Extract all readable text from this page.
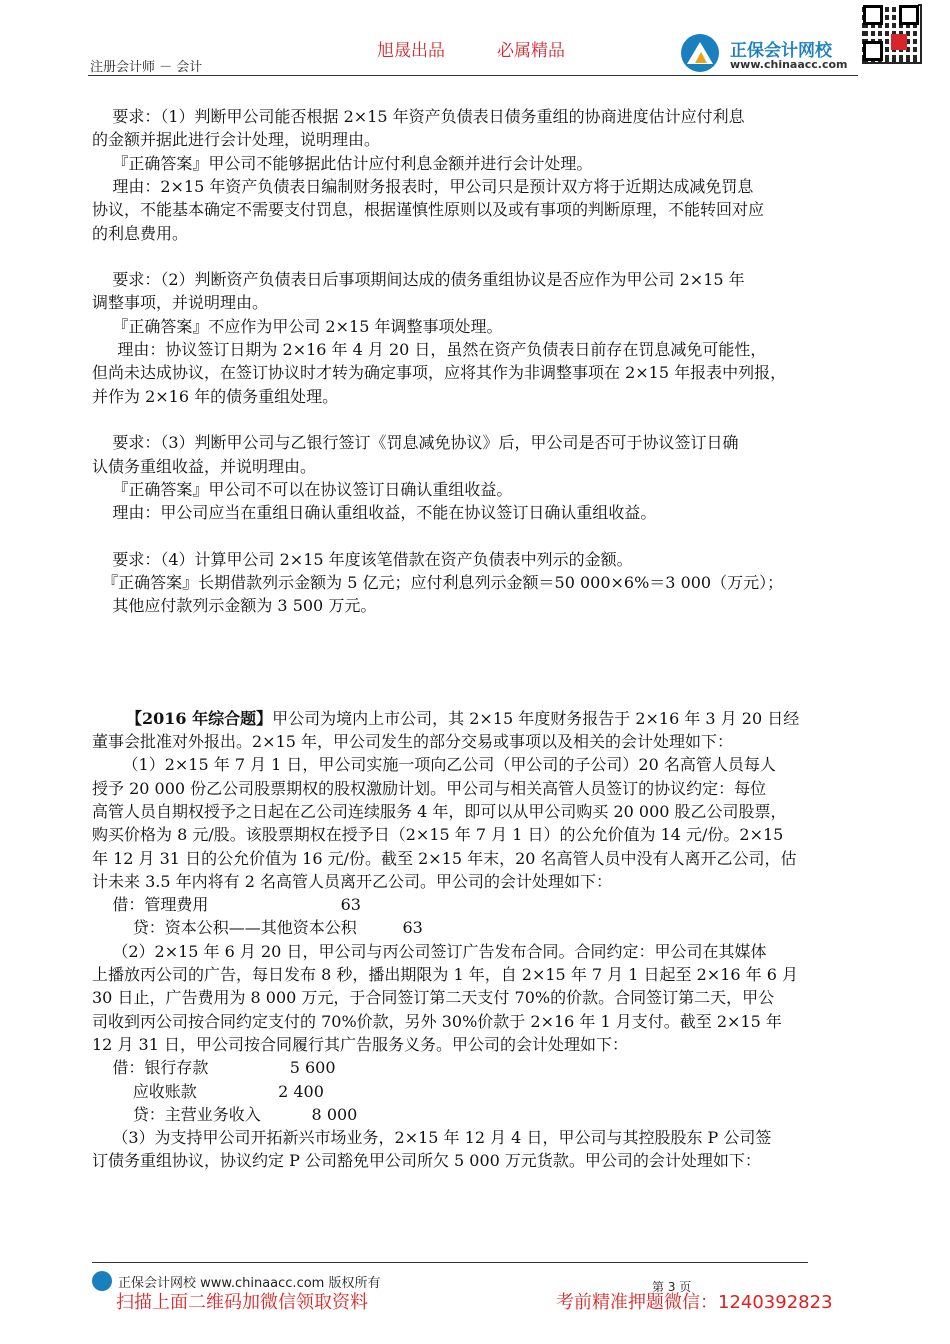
旭晟出品	必属精品
注册会计师 － 会计
正保会计网校
www.chinaacc.com
要求：（1）判断甲公司能否根据 2×15 年资产负债表日债务重组的协商进度估计应付利息
的金额并据此进行会计处理，说明理由。
『正确答案』甲公司不能够据此估计应付利息金额并进行会计处理。
理由：2×15 年资产负债表日编制财务报表时，甲公司只是预计双方将于近期达成减免罚息
协议，不能基本确定不需要支付罚息，根据谨慎性原则以及或有事项的判断原理，不能转回对应
的利息费用。
要求：（2）判断资产负债表日后事项期间达成的债务重组协议是否应作为甲公司 2×15 年
调整事项，并说明理由。
『正确答案』不应作为甲公司 2×15 年调整事项处理。
理由：协议签订日期为 2×16 年 4 月 20 日，虽然在资产负债表日前存在罚息减免可能性，
但尚未达成协议，在签订协议时才转为确定事项，应将其作为非调整事项在 2×15 年报表中列报，
并作为 2×16 年的债务重组处理。
要求：（3）判断甲公司与乙银行签订《罚息减免协议》后，甲公司是否可于协议签订日确
认债务重组收益，并说明理由。
『正确答案』甲公司不可以在协议签订日确认重组收益。
理由：甲公司应当在重组日确认重组收益，不能在协议签订日确认重组收益。
要求：（4）计算甲公司 2×15 年度该笔借款在资产负债表中列示的金额。
『正确答案』长期借款列示金额为 5 亿元；应付利息列示金额＝50 000×6%＝3 000（万元）；
其他应付款列示金额为 3 500 万元。
【2016 年综合题】甲公司为境内上市公司，其 2×15 年度财务报告于 2×16 年 3 月 20 日经
董事会批准对外报出。2×15 年，甲公司发生的部分交易或事项以及相关的会计处理如下：
（1）2×15 年 7 月 1 日，甲公司实施一项向乙公司（甲公司的子公司）20 名高管人员每人
授予 20 000 份乙公司股票期权的股权激励计划。甲公司与相关高管人员签订的协议约定：每位
高管人员自期权授予之日起在乙公司连续服务 4 年，即可以从甲公司购买 20 000 股乙公司股票，
购买价格为 8 元/股。该股票期权在授予日（2×15 年 7 月 1 日）的公允价值为 14 元/份。2×15
年 12 月 31 日的公允价值为 16 元/份。截至 2×15 年末，20 名高管人员中没有人离开乙公司，估
计未来 3.5 年内将有 2 名高管人员离开乙公司。甲公司的会计处理如下：
借：管理费用                          63
贷：资本公积——其他资本公积         63
（2）2×15 年 6 月 20 日，甲公司与丙公司签订广告发布合同。合同约定：甲公司在其媒体
上播放丙公司的广告，每日发布 8 秒，播出期限为 1 年，自 2×15 年 7 月 1 日起至 2×16 年 6 月
30 日止，广告费用为 8 000 万元，于合同签订第二天支付 70%的价款。合同签订第二天，甲公
司收到丙公司按合同约定支付的 70%价款，另外 30%价款于 2×16 年 1 月支付。截至 2×15 年
12 月 31 日，甲公司按合同履行其广告服务义务。甲公司的会计处理如下：
借：银行存款                5 600
应收账款                2 400
贷：主营业务收入          8 000
（3）为支持甲公司开拓新兴市场业务，2×15 年 12 月 4 日，甲公司与其控股股东 P 公司签
订债务重组协议，协议约定 P 公司豁免甲公司所欠 5 000 万元货款。甲公司的会计处理如下：
正保会计网校 www.chinaacc.com 版权所有	第 3 页
扫描上面二维码加微信领取资料	考前精准押题微信：1240392823
